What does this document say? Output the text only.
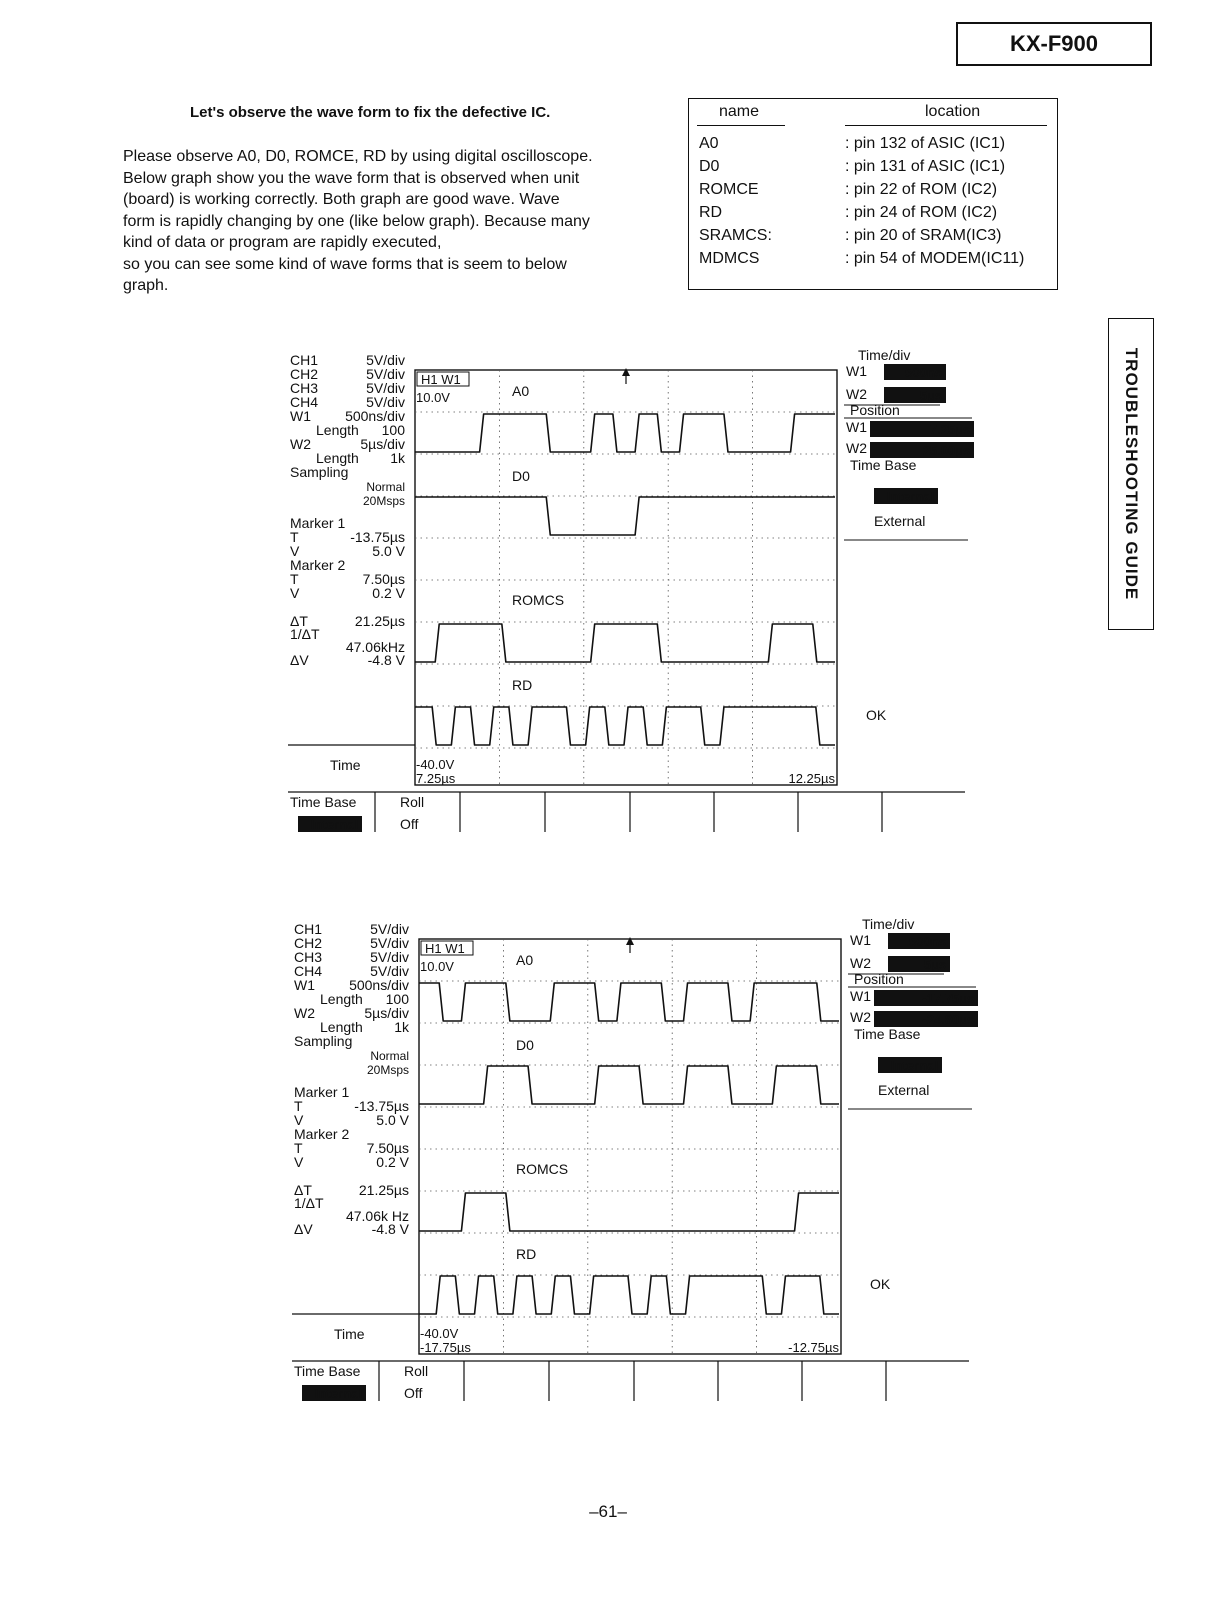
KX-F900
Let's observe the wave form to fix the defective IC.

Please observe A0, D0, ROMCE, RD by using digital oscilloscope.

Below graph show you the wave form that is observed when unit

(board) is working correctly. Both graph are good wave. Wave

form is rapidly changing by one (like below graph). Because many

kind of data or program are rapidly executed,

so you can see some kind of wave forms that is seem to below

graph.

name	location
A0	: pin 132 of ASIC (IC1)
D0	: pin 131 of ASIC (IC1)
ROMCE	: pin 22 of ROM (IC2)
RD	: pin 24 of ROM (IC2)
SRAMCS:	: pin 20 of SRAM(IC3)
MDMCS	: pin 54 of MODEM(IC11)
TROUBLESHOOTING GUIDE
H1 W1
10.0V	A0
D0
ROMCS
RD
-40.0V
7.25µs	12.25µs
CH1	5V/div
CH2	5V/div
CH3	5V/div
CH4	5V/div
W1 500ns/div
Length 100
W2	5µs/div
Length 1k
Sampling
Normal
20Msps
Marker 1
T	-13.75µs
V	5.0 V
Marker 2
T	7.50µs
V	0.2 V
ΔT	21.25µs
1/ΔT
47.06kHz
ΔV	-4.8 V
Time
Time Base
Internal
Roll
Off
Time/div
W1	500ns
W2	5µs
Position
W1	7.25µs
W2	25.00µs
Time Base
Internal
External
OK
H1 W1
10.0V	A0
D0
ROMCS
RD
-40.0V
-17.75µs	-12.75µs
CH1	5V/div
CH2	5V/div
CH3	5V/div
CH4	5V/div
W1 500ns/div
Length 100
W2	5µs/div
Length 1k
Sampling
Normal
20Msps
Marker 1
T	-13.75µs
V	5.0 V
Marker 2
T	7.50µs
V	0.2 V
ΔT	21.25µs
1/ΔT
47.06k Hz
ΔV	-4.8 V
Time
Time Base
Internal
Roll
Off
Time/div
W1	500ns
W2	5µs
Position
W1	-17.75µs
W2	-24.80µs
Time Base
Internal
External
OK
–61–
